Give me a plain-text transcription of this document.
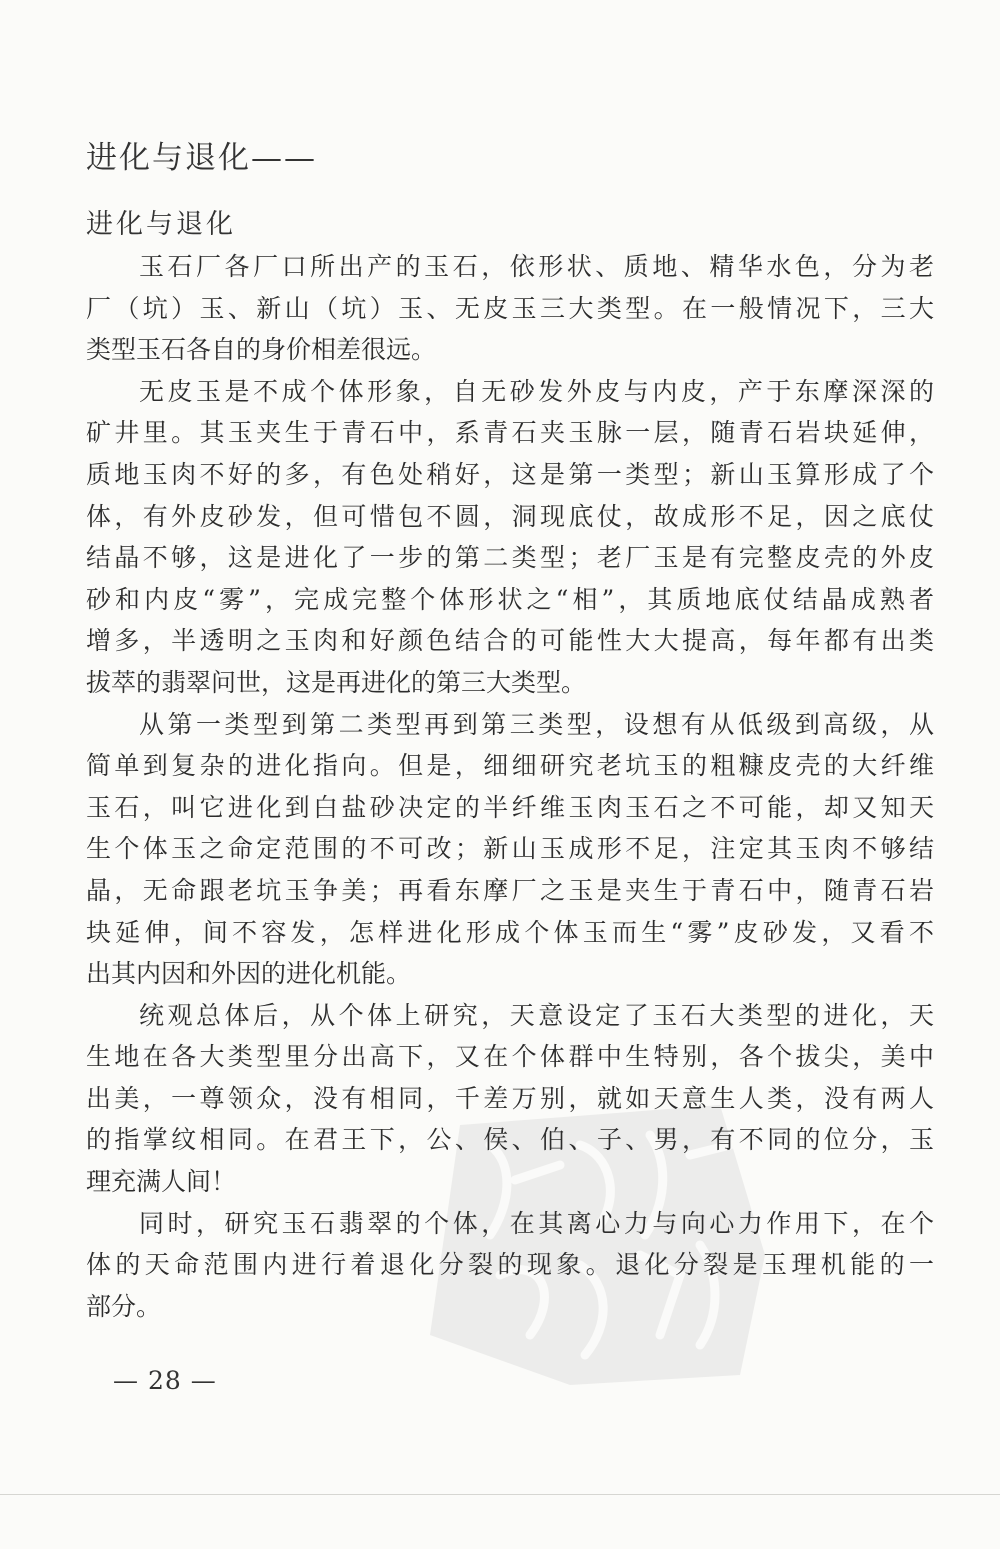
进化与退化——
进化与退化

玉石厂各厂口所出产的玉石，依形状、质地、精华水色，分为老
厂（坑）玉、新山（坑）玉、无皮玉三大类型。在一般情况下，三大
类型玉石各自的身价相差很远。

无皮玉是不成个体形象，自无砂发外皮与内皮，产于东摩深深的
矿井里。其玉夹生于青石中，系青石夹玉脉一层，随青石岩块延伸，
质地玉肉不好的多，有色处稍好，这是第一类型；新山玉算形成了个
体，有外皮砂发，但可惜包不圆，洞现底仗，故成形不足，因之底仗
结晶不够，这是进化了一步的第二类型；老厂玉是有完整皮壳的外皮
砂和内皮“雾”，完成完整个体形状之“相”，其质地底仗结晶成熟者
增多，半透明之玉肉和好颜色结合的可能性大大提高，每年都有出类
拔萃的翡翠问世，这是再进化的第三大类型。

从第一类型到第二类型再到第三类型，设想有从低级到高级，从
简单到复杂的进化指向。但是，细细研究老坑玉的粗糠皮壳的大纤维
玉石，叫它进化到白盐砂决定的半纤维玉肉玉石之不可能，却又知天
生个体玉之命定范围的不可改；新山玉成形不足，注定其玉肉不够结
晶，无命跟老坑玉争美；再看东摩厂之玉是夹生于青石中，随青石岩
块延伸，间不容发，怎样进化形成个体玉而生“雾”皮砂发，又看不
出其内因和外因的进化机能。

统观总体后，从个体上研究，天意设定了玉石大类型的进化，天
生地在各大类型里分出高下，又在个体群中生特别，各个拔尖，美中
出美，一尊领众，没有相同，千差万别，就如天意生人类，没有两人
的指掌纹相同。在君王下，公、侯、伯、子、男，有不同的位分，玉
理充满人间！

同时，研究玉石翡翠的个体，在其离心力与向心力作用下，在个
体的天命范围内进行着退化分裂的现象。退化分裂是玉理机能的一
部分。

— 28 —
